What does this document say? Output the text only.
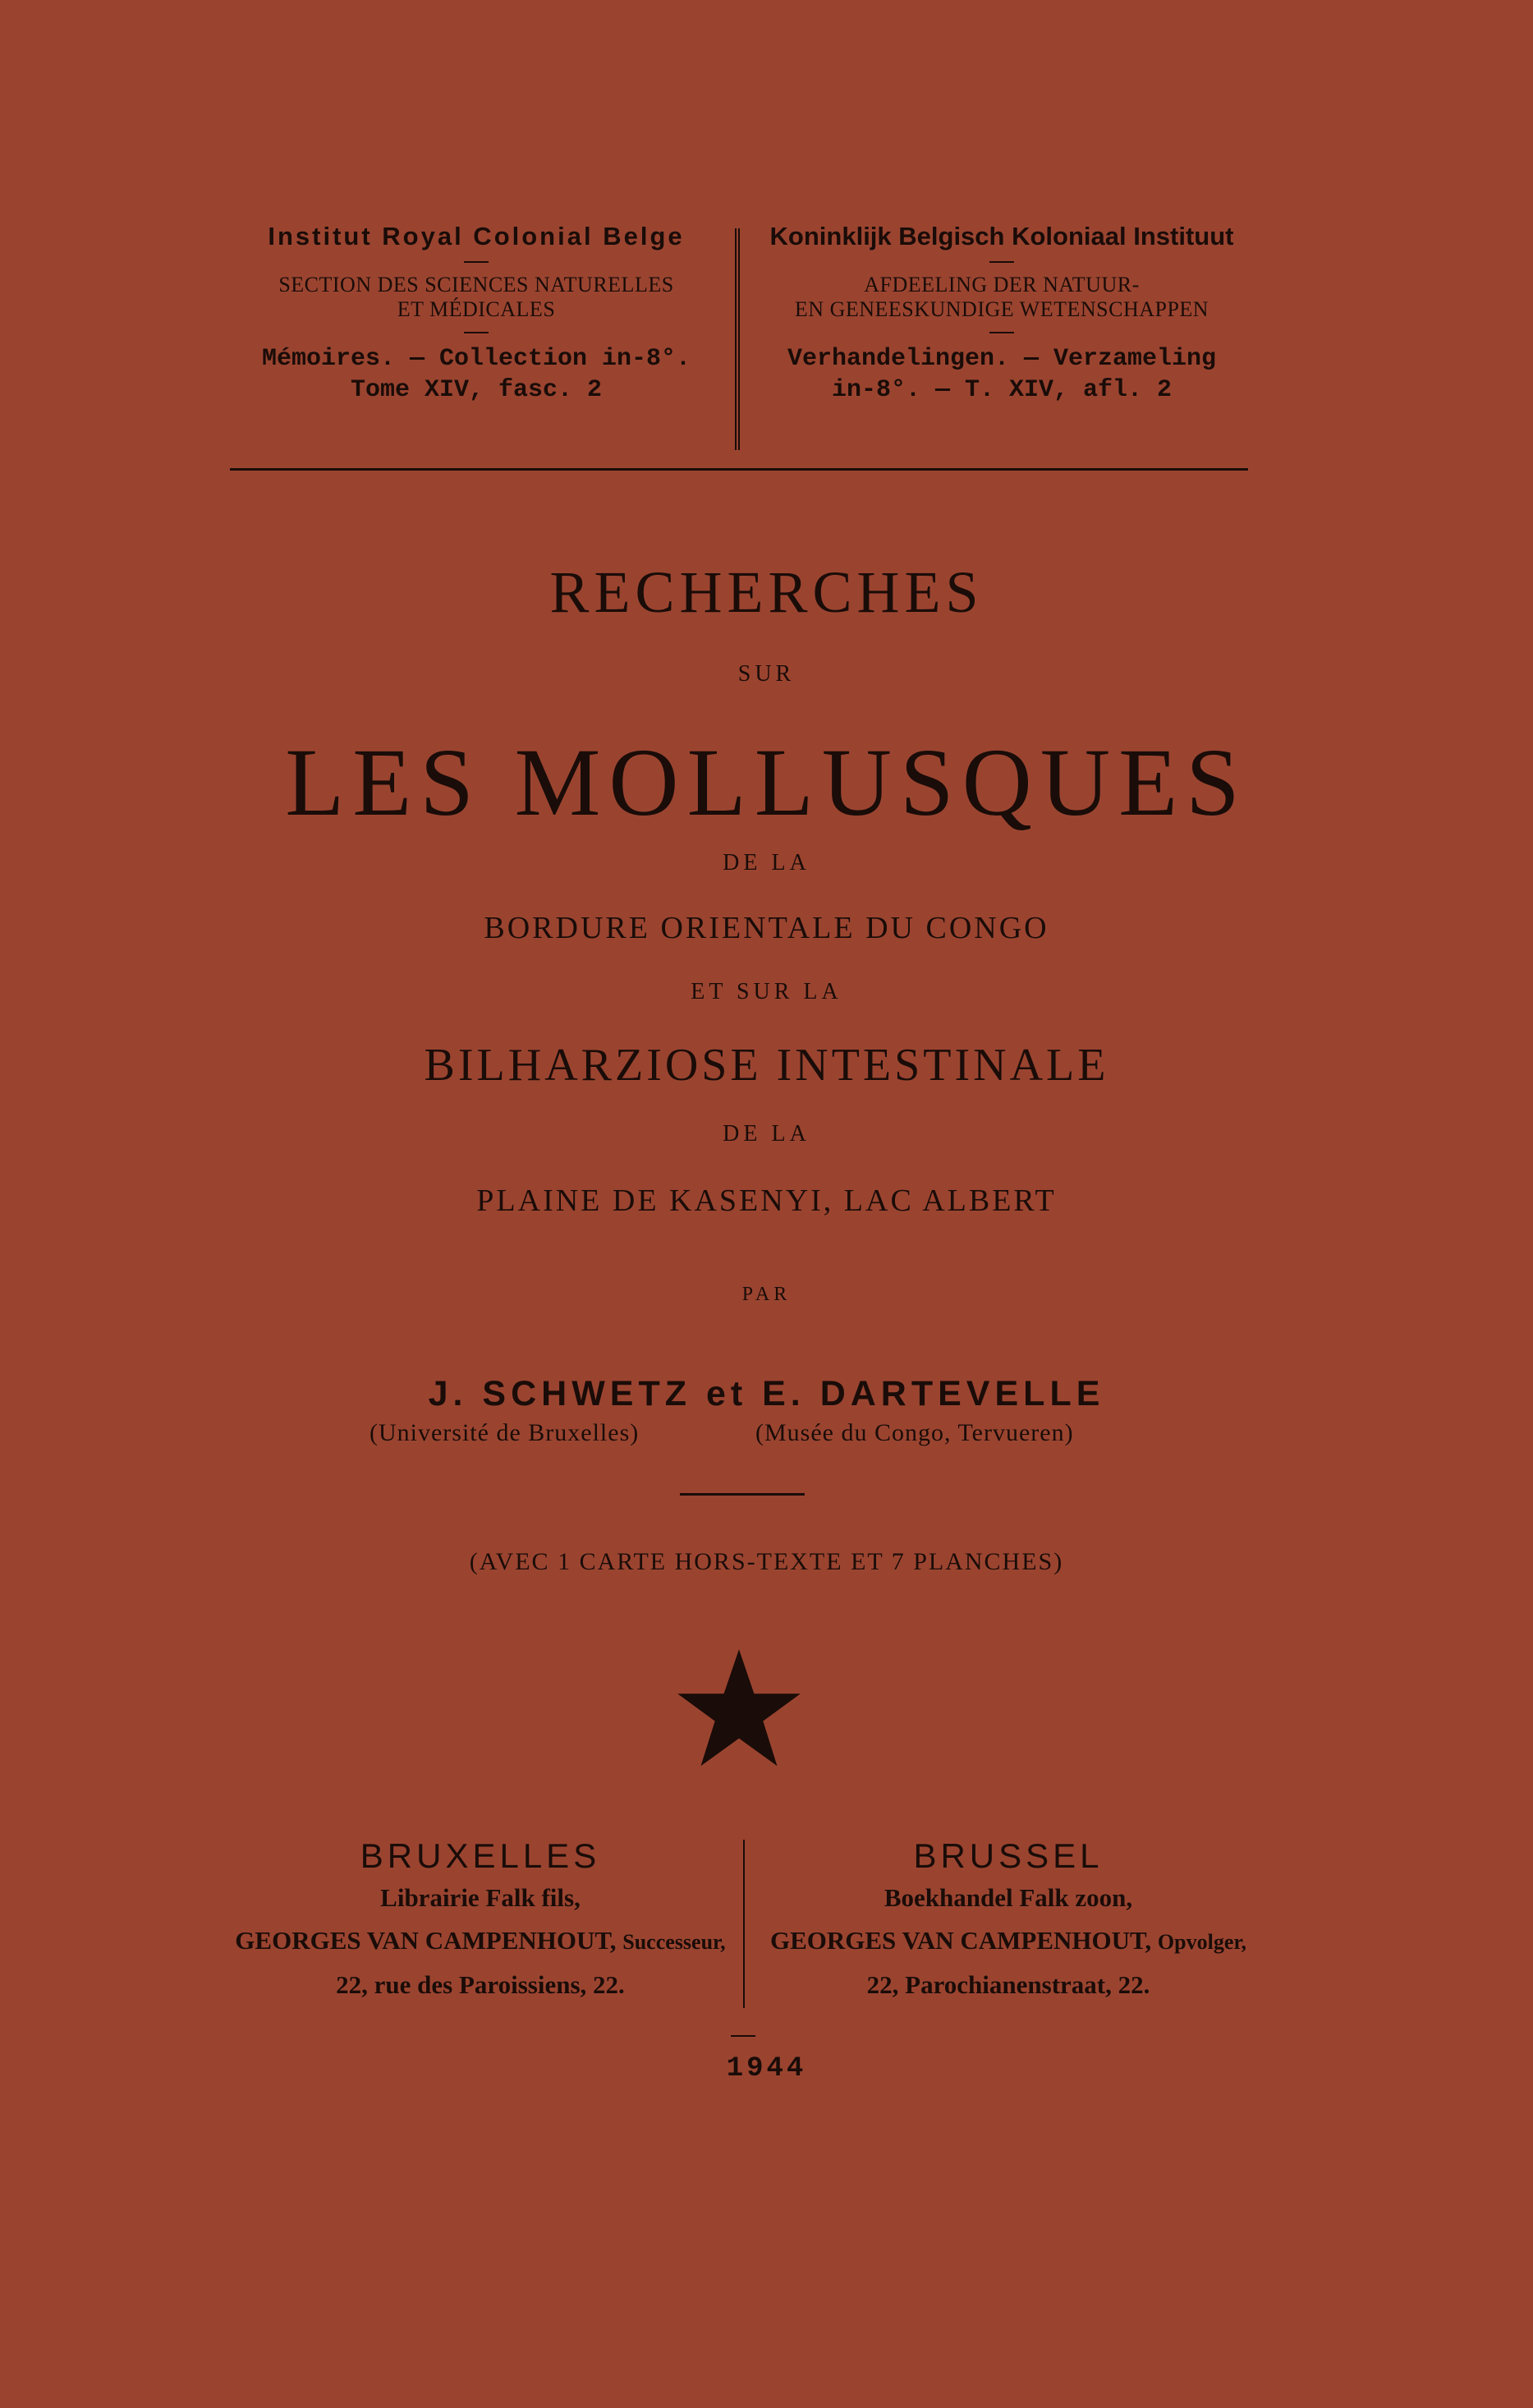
Institut Royal Colonial Belge
SECTION DES SCIENCES NATURELLES
ET MÉDICALES
Mémoires. — Collection in-8°.
Tome XIV, fasc. 2
Koninklijk Belgisch Koloniaal Instituut
AFDEELING DER NATUUR-
EN GENEESKUNDIGE WETENSCHAPPEN
Verhandelingen. — Verzameling
in-8°. — T. XIV, afl. 2
RECHERCHES
SUR
LES MOLLUSQUES
DE LA
BORDURE ORIENTALE DU CONGO
ET SUR LA
BILHARZIOSE INTESTINALE
DE LA
PLAINE DE KASENYI, LAC ALBERT
PAR
J. SCHWETZ et E. DARTEVELLE
(Université de Bruxelles)	(Musée du Congo, Tervueren)
(AVEC 1 CARTE HORS-TEXTE ET 7 PLANCHES)
BRUXELLES
Librairie Falk fils,
GEORGES VAN CAMPENHOUT, Successeur,
22, rue des Paroissiens, 22.
BRUSSEL
Boekhandel Falk zoon,
GEORGES VAN CAMPENHOUT, Opvolger,
22, Parochianenstraat, 22.
1944
